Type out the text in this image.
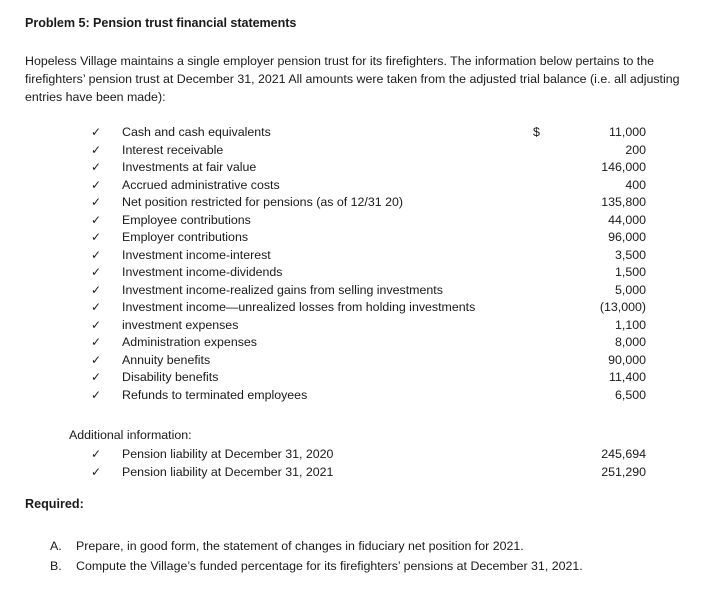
Problem 5: Pension trust financial statements
Hopeless Village maintains a single employer pension trust for its firefighters. The information below pertains to the firefighters’ pension trust at December 31, 2021 All amounts were taken from the adjusted trial balance (i.e. all adjusting entries have been made):
✓ Cash and cash equivalents	$	11,000
✓ Interest receivable	200
✓ Investments at fair value	146,000
✓ Accrued administrative costs	400
✓ Net position restricted for pensions (as of 12/31 20)	135,800
✓ Employee contributions	44,000
✓ Employer contributions	96,000
✓ Investment income-interest	3,500
✓ Investment income-dividends	1,500
✓ Investment income-realized gains from selling investments	5,000
✓ Investment income—unrealized losses from holding investments	(13,000)
✓ investment expenses	1,100
✓ Administration expenses	8,000
✓ Annuity benefits	90,000
✓ Disability benefits	11,400
✓ Refunds to terminated employees	6,500
Additional information:
✓ Pension liability at December 31, 2020	245,694
✓ Pension liability at December 31, 2021	251,290
Required:
A. Prepare, in good form, the statement of changes in fiduciary net position for 2021.
B. Compute the Village’s funded percentage for its firefighters’ pensions at December 31, 2021.
